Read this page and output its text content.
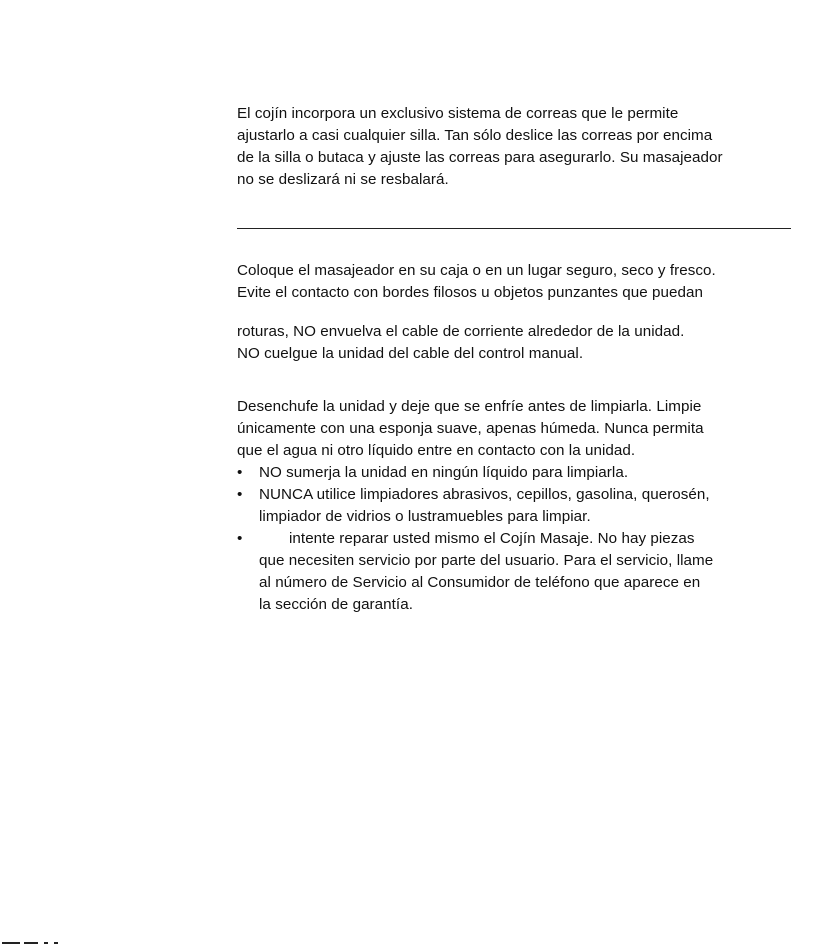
El cojín incorpora un exclusivo sistema de correas que le permite
ajustarlo a casi cualquier silla. Tan sólo deslice las correas por encima
de la silla o butaca y ajuste las correas para asegurarlo. Su masajeador
no se deslizará ni se resbalará.
Coloque el masajeador en su caja o en un lugar seguro, seco y fresco.
Evite el contacto con bordes filosos u objetos punzantes que puedan
roturas, NO envuelva el cable de corriente alrededor de la unidad.
NO cuelgue la unidad del cable del control manual.
Desenchufe la unidad y deje que se enfríe antes de limpiarla. Limpie
únicamente con una esponja suave, apenas húmeda. Nunca permita
que el agua ni otro líquido entre en contacto con la unidad.
• NO sumerja la unidad en ningún líquido para limpiarla.
• NUNCA utilice limpiadores abrasivos, cepillos, gasolina, querosén,
limpiador de vidrios o lustramuebles para limpiar.
•	intente reparar usted mismo el Cojín Masaje. No hay piezas
que necesiten servicio por parte del usuario. Para el servicio, llame
al número de Servicio al Consumidor de teléfono que aparece en
la sección de garantía.
